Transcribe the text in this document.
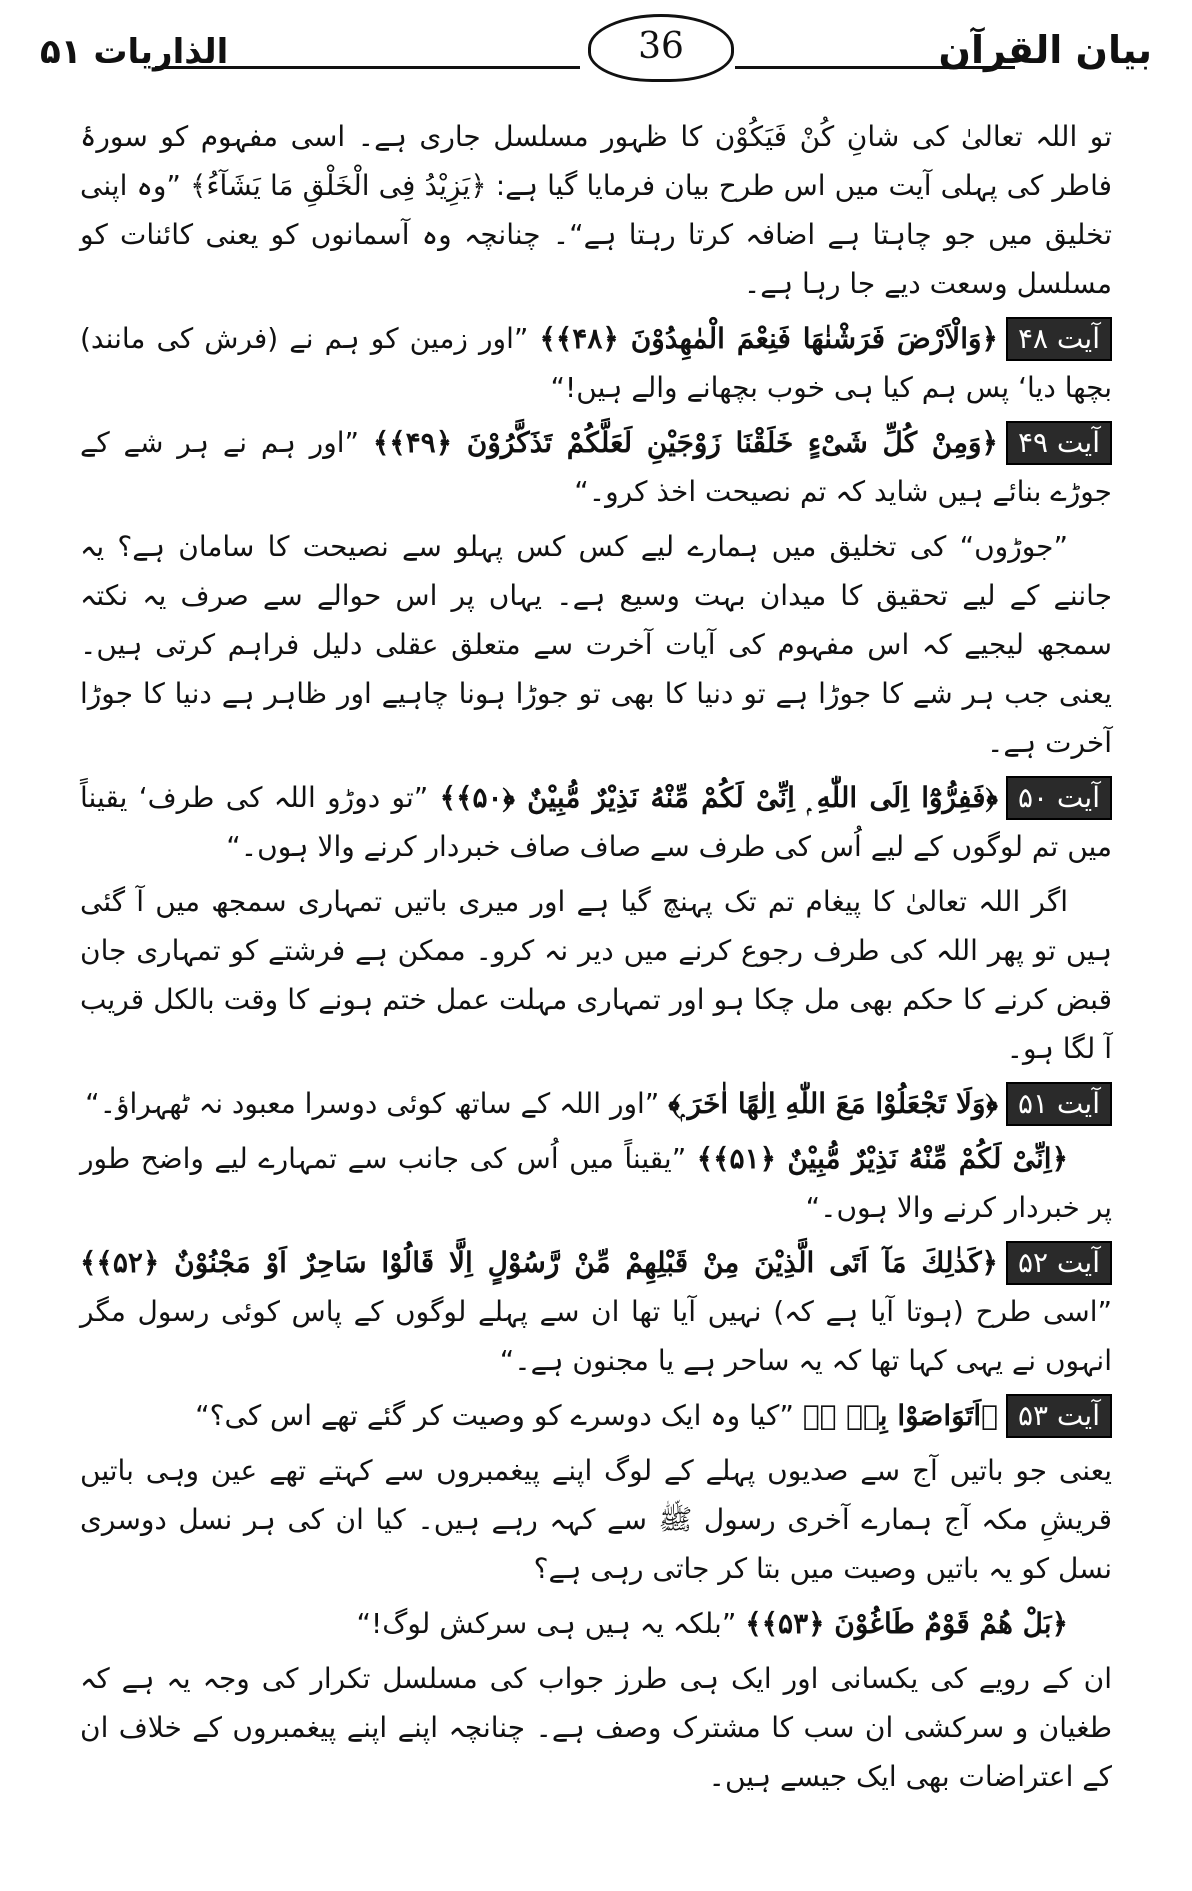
الذاریات ۵۱	36	بیان القرآن

تو اللہ تعالیٰ کی شانِ کُنْ فَیَکُوْن کا ظہور مسلسل جاری ہے۔ اسی مفہوم کو سورۂ فاطر کی پہلی آیت میں اس طرح بیان فرمایا گیا ہے: ﴿یَزِیْدُ فِی الْخَلْقِ مَا یَشَآءُ﴾ ”وہ اپنی تخلیق میں جو چاہتا ہے اضافہ کرتا رہتا ہے“۔ چنانچہ وہ آسمانوں کو یعنی کائنات کو مسلسل وسعت دیے جا رہا ہے۔

آیت ۴۸﴿وَالْاَرْضَ فَرَشْنٰهَا فَنِعْمَ الْمٰهِدُوْنَ ﴿۴۸﴾﴾ ”اور زمین کو ہم نے (فرش کی مانند) بچھا دیا‘ پس ہم کیا ہی خوب بچھانے والے ہیں!“

آیت ۴۹﴿وَمِنْ كُلِّ شَیْءٍ خَلَقْنَا زَوْجَیْنِ لَعَلَّكُمْ تَذَكَّرُوْنَ ﴿۴۹﴾﴾ ”اور ہم نے ہر شے کے جوڑے بنائے ہیں شاید کہ تم نصیحت اخذ کرو۔“

”جوڑوں“ کی تخلیق میں ہمارے لیے کس کس پہلو سے نصیحت کا سامان ہے؟ یہ جاننے کے لیے تحقیق کا میدان بہت وسیع ہے۔ یہاں پر اس حوالے سے صرف یہ نکتہ سمجھ لیجیے کہ اس مفہوم کی آیات آخرت سے متعلق عقلی دلیل فراہم کرتی ہیں۔ یعنی جب ہر شے کا جوڑا ہے تو دنیا کا بھی تو جوڑا ہونا چاہیے اور ظاہر ہے دنیا کا جوڑا آخرت ہے۔

آیت ۵۰﴿فَفِرُّوْٓا اِلَی اللّٰهِ ۭ اِنِّیْ لَكُمْ مِّنْهُ نَذِیْرٌ مُّبِیْنٌ ﴿۵۰﴾﴾ ”تو دوڑو اللہ کی طرف‘ یقیناً میں تم لوگوں کے لیے اُس کی طرف سے صاف صاف خبردار کرنے والا ہوں۔“

اگر اللہ تعالیٰ کا پیغام تم تک پہنچ گیا ہے اور میری باتیں تمہاری سمجھ میں آ گئی ہیں تو پھر اللہ کی طرف رجوع کرنے میں دیر نہ کرو۔ ممکن ہے فرشتے کو تمہاری جان قبض کرنے کا حکم بھی مل چکا ہو اور تمہاری مہلت عمل ختم ہونے کا وقت بالکل قریب آ لگا ہو۔

آیت ۵۱﴿وَلَا تَجْعَلُوْا مَعَ اللّٰهِ اِلٰهًا اٰخَرَ ۭ﴾ ”اور اللہ کے ساتھ کوئی دوسرا معبود نہ ٹھہراؤ۔“

﴿اِنِّیْ لَكُمْ مِّنْهُ نَذِیْرٌ مُّبِیْنٌ ﴿۵۱﴾﴾ ”یقیناً میں اُس کی جانب سے تمہارے لیے واضح طور پر خبردار کرنے والا ہوں۔“

آیت ۵۲﴿كَذٰلِكَ مَآ اَتَی الَّذِیْنَ مِنْ قَبْلِهِمْ مِّنْ رَّسُوْلٍ اِلَّا قَالُوْا سَاحِرٌ اَوْ مَجْنُوْنٌ ﴿۵۲﴾﴾ ”اسی طرح (ہوتا آیا ہے کہ) نہیں آیا تھا ان سے پہلے لوگوں کے پاس کوئی رسول مگر انہوں نے یہی کہا تھا کہ یہ ساحر ہے یا مجنون ہے۔“

آیت ۵۳﴿اَتَوَاصَوْا بِهٖ ۚ﴾ ”کیا وہ ایک دوسرے کو وصیت کر گئے تھے اس کی؟“

یعنی جو باتیں آج سے صدیوں پہلے کے لوگ اپنے پیغمبروں سے کہتے تھے عین وہی باتیں قریشِ مکہ آج ہمارے آخری رسول ﷺ سے کہہ رہے ہیں۔ کیا ان کی ہر نسل دوسری نسل کو یہ باتیں وصیت میں بتا کر جاتی رہی ہے؟

﴿بَلْ هُمْ قَوْمٌ طَاغُوْنَ ﴿۵۳﴾﴾ ”بلکہ یہ ہیں ہی سرکش لوگ!“

ان کے رویے کی یکسانی اور ایک ہی طرز جواب کی مسلسل تکرار کی وجہ یہ ہے کہ طغیان و سرکشی ان سب کا مشترک وصف ہے۔ چنانچہ اپنے اپنے پیغمبروں کے خلاف ان کے اعتراضات بھی ایک جیسے ہیں۔
